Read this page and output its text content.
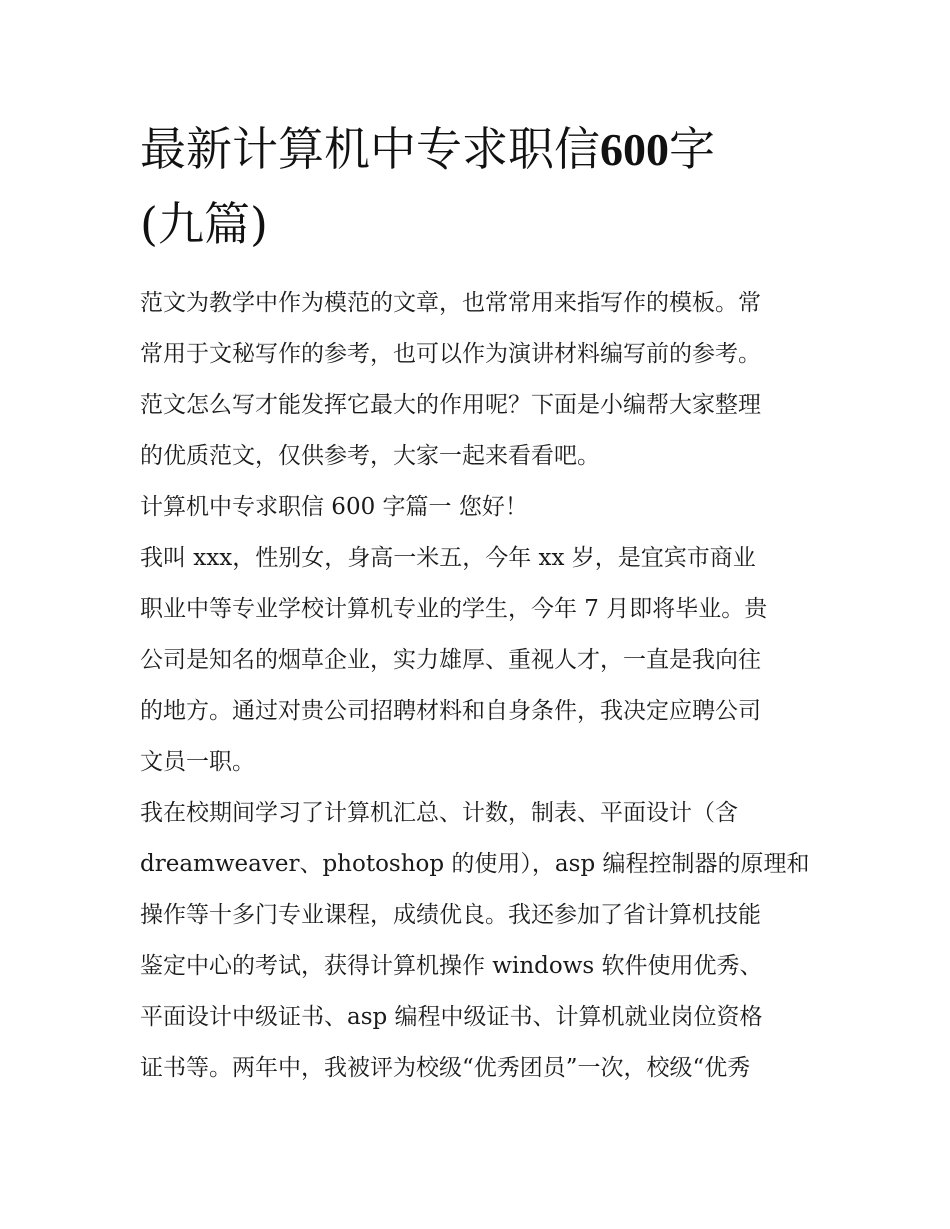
最新计算机中专求职信600字
(九篇)
范文为教学中作为模范的文章，也常常用来指写作的模板。常
常用于文秘写作的参考，也可以作为演讲材料编写前的参考。
范文怎么写才能发挥它最大的作用呢？下面是小编帮大家整理
的优质范文，仅供参考，大家一起来看看吧。
计算机中专求职信 600 字篇一 您好！
我叫 xxx，性别女，身高一米五，今年 xx 岁，是宜宾市商业
职业中等专业学校计算机专业的学生，今年 7 月即将毕业。贵
公司是知名的烟草企业，实力雄厚、重视人才，一直是我向往
的地方。通过对贵公司招聘材料和自身条件，我决定应聘公司
文员一职。
我在校期间学习了计算机汇总、计数，制表、平面设计（含
dreamweaver、photoshop 的使用），asp 编程控制器的原理和
操作等十多门专业课程，成绩优良。我还参加了省计算机技能
鉴定中心的考试，获得计算机操作 windows 软件使用优秀、
平面设计中级证书、asp 编程中级证书、计算机就业岗位资格
证书等。两年中，我被评为校级“优秀团员”一次，校级“优秀
